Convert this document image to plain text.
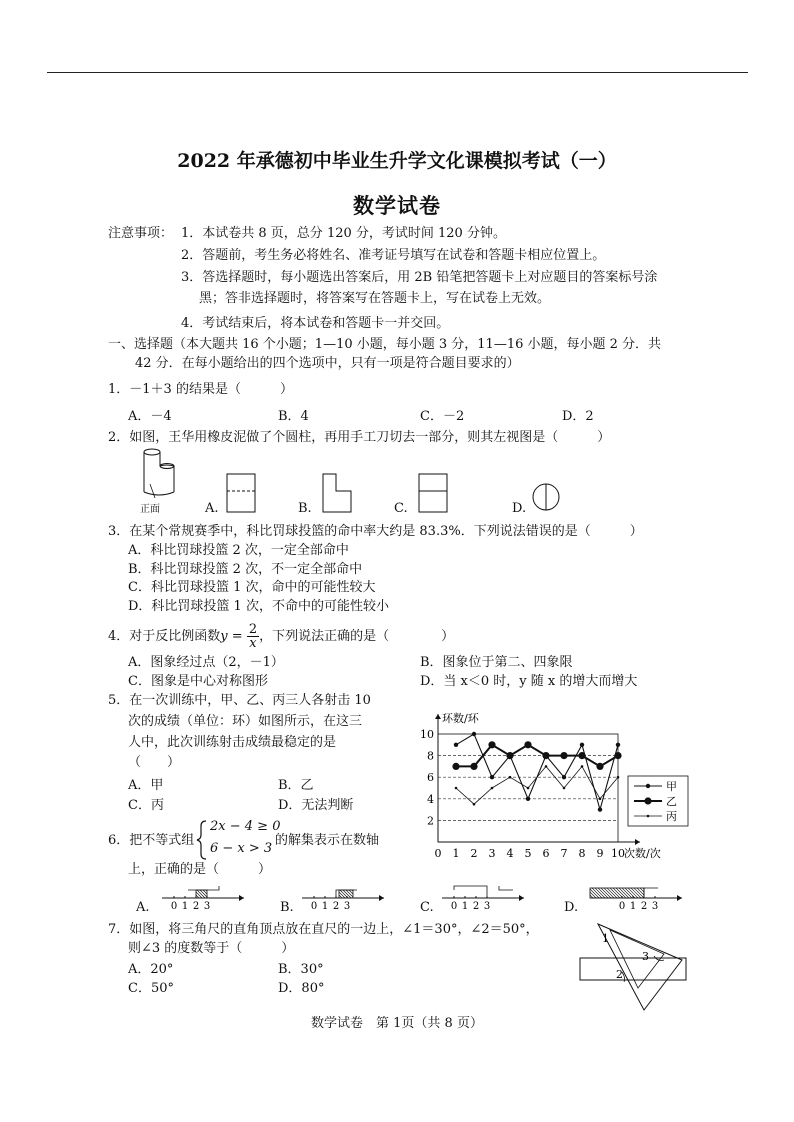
2022 年承德初中毕业生升学文化课模拟考试（一）
数学试卷
注意事项： 1．本试卷共 8 页，总分 120 分，考试时间 120 分钟。
2．答题前，考生务必将姓名、准考证号填写在试卷和答题卡相应位置上。
3．答选择题时，每小题选出答案后，用 2B 铅笔把答题卡上对应题目的答案标号涂
黑；答非选择题时，将答案写在答题卡上，写在试卷上无效。
4．考试结束后，将本试卷和答题卡一并交回。
一、选择题（本大题共 16 个小题；1—10 小题，每小题 3 分，11—16 小题，每小题 2 分．共
42 分．在每小题给出的四个选项中，只有一项是符合题目要求的）
1．－1＋3 的结果是（　　　）
A．－4	B．4	C．－2	D．2
2．如图，王华用橡皮泥做了个圆柱，再用手工刀切去一部分，则其左视图是（　　　）
正面	A.	B.	C.	D.
3．在某个常规赛季中，科比罚球投篮的命中率大约是 83.3%．下列说法错误的是（　　　）
A．科比罚球投篮 2 次，一定全部命中
B．科比罚球投篮 2 次，不一定全部命中
C．科比罚球投篮 1 次，命中的可能性较大
D．科比罚球投篮 1 次，不命中的可能性较小
4．对于反比例函数$y = \frac{2}{x}$ ，下列说法正确的是（　　　　）
A．图象经过点（2，－1）	B．图象位于第二、四象限
C．图象是中心对称图形	D．当 x＜0 时，y 随 x 的增大而增大
5．在一次训练中，甲、乙、丙三人各射击 10
次的成绩（单位：环）如图所示，在这三
人中，此次训练射击成绩最稳定的是
（　　）
A．甲	B．乙
C．丙	D．无法判断
2
4
6
8
10
0 1 2 3 4 5 6 7 8 9 10
环数/环
次数/次
甲
乙
丙
6．把不等式组
2x − 4 ≥ 0
6 − x > 3
的解集表示在数轴
上，正确的是（　　　）
A. 0 1 2 3	B. 0 1 2 3	C. 0 1 2 3	D.	0 1 2 3
7．如图，将三角尺的直角顶点放在直尺的一边上，∠1＝30°，∠2＝50°，
则∠3 的度数等于（　　　）
A．20°	B．30°
C．50°	D．80°
1
2
3
数学试卷　第 1页（共 8 页）
